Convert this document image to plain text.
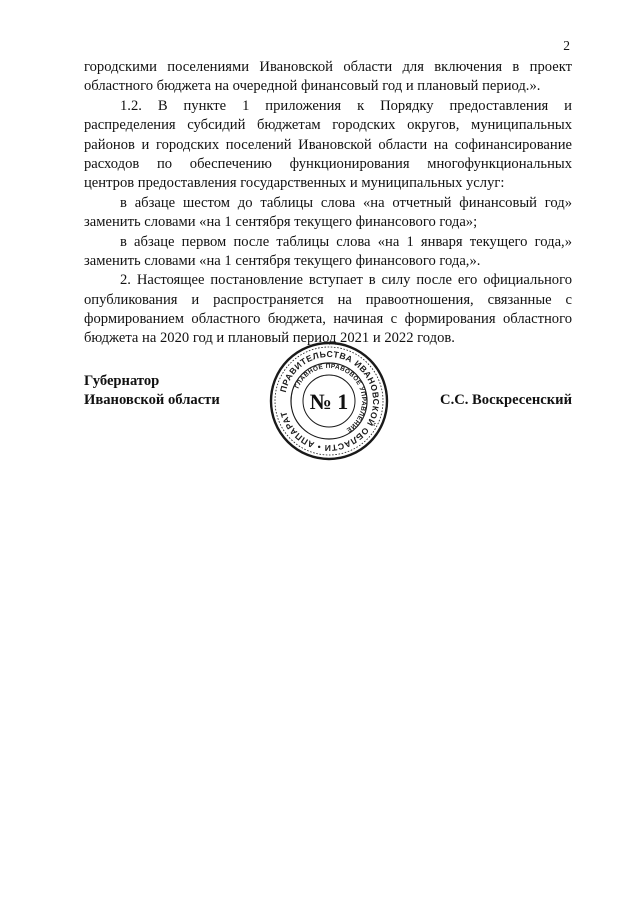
2
городскими поселениями Ивановской области для включения в проект
областного бюджета на очередной финансовый год и плановый период.».
1.2. В пункте 1 приложения к Порядку предоставления и
распределения субсидий бюджетам городских округов, муниципальных
районов и городских поселений Ивановской области на софинансирование
расходов по обеспечению функционирования многофункциональных
центров предоставления государственных и муниципальных услуг:
в абзаце шестом до таблицы слова «на отчетный финансовый год»
заменить словами «на 1 сентября текущего финансового года»;
в абзаце первом после таблицы слова «на 1 января текущего года,»
заменить словами «на 1 сентября текущего финансового года,».
2. Настоящее постановление вступает в силу после его официального
опубликования и распространяется на правоотношения, связанные с
формированием областного бюджета, начиная с формирования областного
бюджета на 2020 год и плановый период 2021 и 2022 годов.
Губернатор
Ивановской области	С.С. Воскресенский
ПРАВИТЕЛЬСТВА ИВАНОВСКОЙ ОБЛАСТИ • АППАРАТ
ГЛАВНОЕ ПРАВОВОЕ УПРАВЛЕНИЕ
№ 1
